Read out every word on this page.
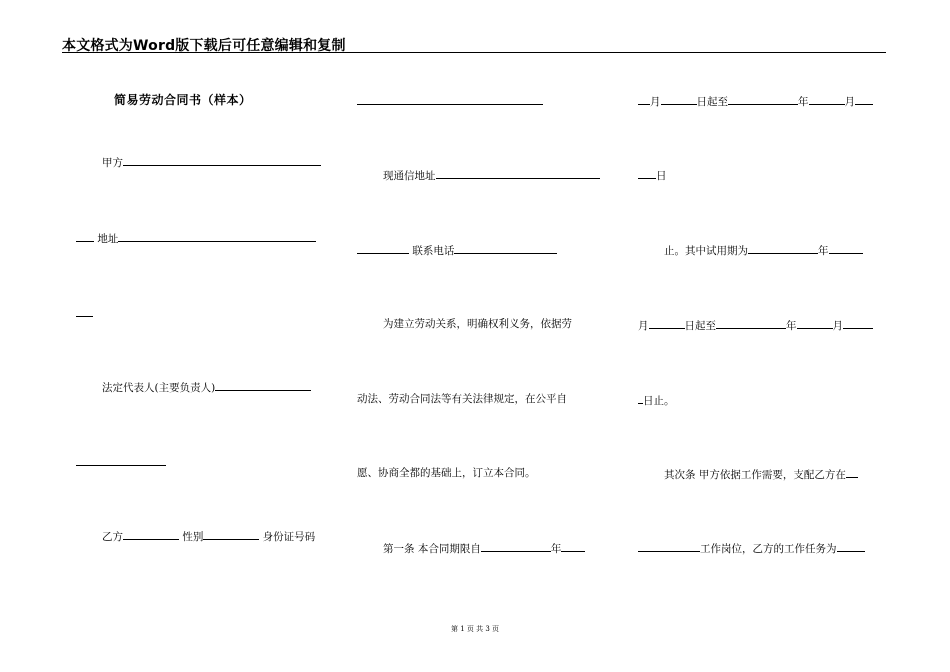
本文格式为Word版下载后可任意编辑和复制
简易劳动合同书（样本）
甲方
地址
法定代表人(主要负责人)
乙方	性别	身份证号码
现通信地址
联系电话
为建立劳动关系，明确权利义务，依据劳
动法、劳动合同法等有关法律规定，在公平自
愿、协商全都的基础上，订立本合同。
第一条 本合同期限自	年
月	日起至	年	月
日
止。其中试用期为	年
月	日起至	年	月
日止。
其次条 甲方依据工作需要，支配乙方在
工作岗位，乙方的工作任务为
第 1 页 共 3 页
